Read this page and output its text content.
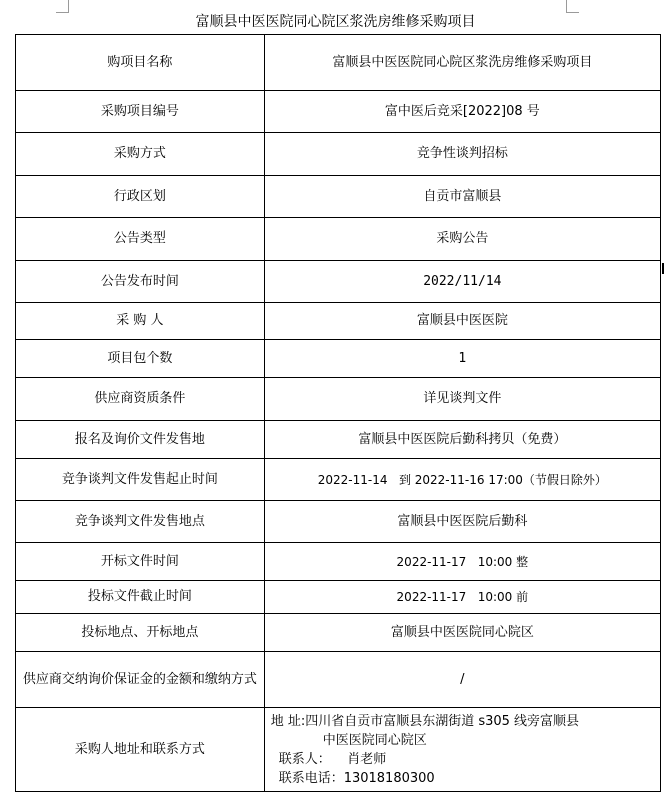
富顺县中医医院同心院区浆洗房维修采购项目
购项目名称	富顺县中医医院同心院区浆洗房维修采购项目
采购项目编号	富中医后竞采[2022]08 号
采购方式	竞争性谈判招标
行政区划	自贡市富顺县
公告类型	采购公告
公告发布时间	2022/11/14
采 购 人	富顺县中医医院
项目包个数	1
供应商资质条件	详见谈判文件
报名及询价文件发售地	富顺县中医医院后勤科拷贝（免费）
竞争谈判文件发售起止时间	2022-11-14   到 2022-11-16 17:00（节假日除外）
竞争谈判文件发售地点	富顺县中医医院后勤科
开标文件时间	2022-11-17   10:00 整
投标文件截止时间	2022-11-17   10:00 前
投标地点、开标地点	富顺县中医医院同心院区
供应商交纳询价保证金的金额和缴纳方式	/
采购人地址和联系方式	地 址:四川省自贡市富顺县东湖街道 s305 线旁富顺县
中医医院同心院区
联系人：    肖老师
联系电话：13018180300
